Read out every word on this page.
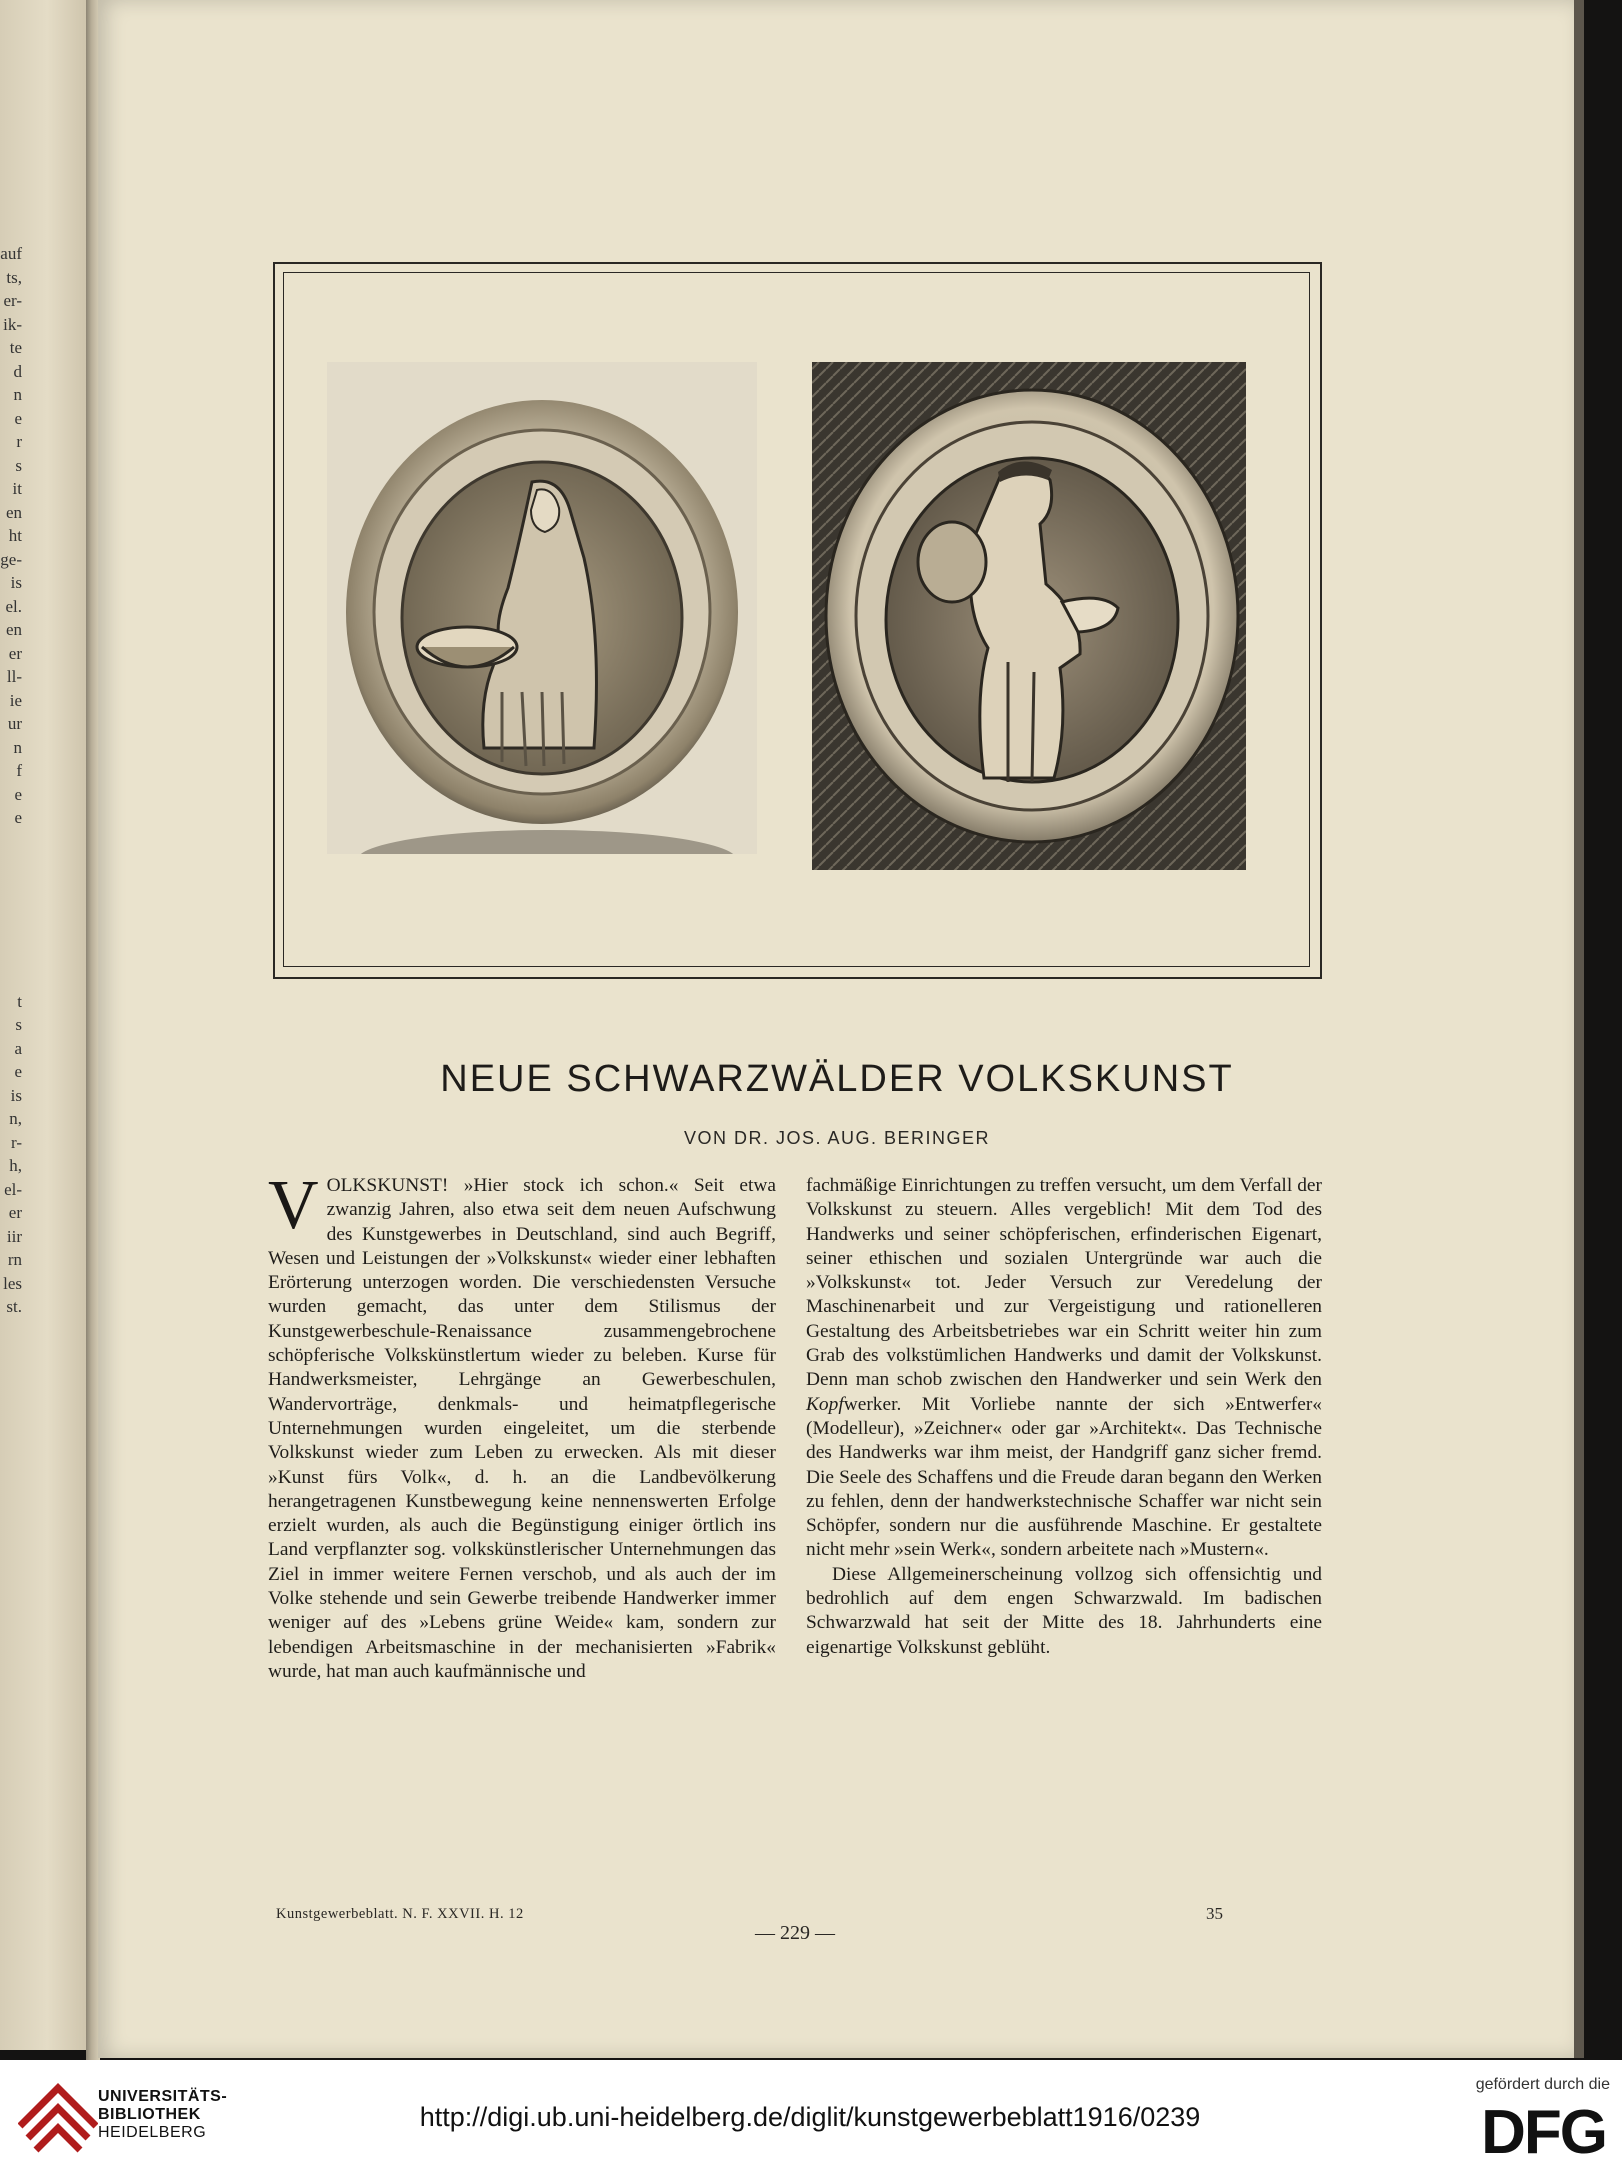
auf
ts,
er-
ik-
te
d
n
e
r
s
it
en
ht
ge-
is
el.
en
er
ll-
ie
ur
n
f
e
e
t
s
a
e
is
n,
r-
h,
el-
er
iir
rn
les
st.
NEUE SCHWARZWÄLDER VOLKSKUNST
VON DR. JOS. AUG. BERINGER

VOLKSKUNST! »Hier stock ich schon.« Seit etwa zwanzig Jahren, also etwa seit dem neuen Aufschwung des Kunstgewerbes in Deutschland, sind auch Begriff, Wesen und Leistungen der »Volkskunst« wieder einer lebhaften Erörterung unterzogen worden. Die verschiedensten Versuche wurden gemacht, das unter dem Stilismus der Kunstgewerbeschule-Renaissance zusammengebrochene schöpferische Volkskünstlertum wieder zu beleben. Kurse für Handwerksmeister, Lehrgänge an Gewerbeschulen, Wandervorträge, denkmals- und heimatpflegerische Unternehmungen wurden eingeleitet, um die sterbende Volkskunst wieder zum Leben zu erwecken. Als mit dieser »Kunst fürs Volk«, d. h. an die Landbevölkerung herangetragenen Kunstbewegung keine nennenswerten Erfolge erzielt wurden, als auch die Begünstigung einiger örtlich ins Land verpflanzter sog. volkskünstlerischer Unternehmungen das Ziel in immer weitere Fernen verschob, und als auch der im Volke stehende und sein Gewerbe treibende Handwerker immer weniger auf des »Lebens grüne Weide« kam, sondern zur lebendigen Arbeitsmaschine in der mechanisierten »Fabrik« wurde, hat man auch kaufmännische und

fachmäßige Einrichtungen zu treffen versucht, um dem Verfall der Volkskunst zu steuern. Alles vergeblich! Mit dem Tod des Handwerks und seiner schöpferischen, erfinderischen Eigenart, seiner ethischen und sozialen Untergründe war auch die »Volkskunst« tot. Jeder Versuch zur Veredelung der Maschinenarbeit und zur Vergeistigung und rationelleren Gestaltung des Arbeitsbetriebes war ein Schritt weiter hin zum Grab des volkstümlichen Handwerks und damit der Volkskunst. Denn man schob zwischen den Handwerker und sein Werk den Kopfwerker. Mit Vorliebe nannte der sich »Entwerfer« (Modelleur), »Zeichner« oder gar »Architekt«. Das Technische des Handwerks war ihm meist, der Handgriff ganz sicher fremd. Die Seele des Schaffens und die Freude daran begann den Werken zu fehlen, denn der handwerkstechnische Schaffer war nicht sein Schöpfer, sondern nur die ausführende Maschine. Er gestaltete nicht mehr »sein Werk«, sondern arbeitete nach »Mustern«.

Diese Allgemeinerscheinung vollzog sich offensichtig und bedrohlich auf dem engen Schwarzwald. Im badischen Schwarzwald hat seit der Mitte des 18. Jahrhunderts eine eigenartige Volkskunst geblüht.

Kunstgewerbeblatt. N. F. XXVII. H. 12
— 229 —
35
UNIVERSITÄTS-
BIBLIOTHEK
HEIDELBERG
http://digi.ub.uni-heidelberg.de/diglit/kunstgewerbeblatt1916/0239
gefördert durch die
DFG
